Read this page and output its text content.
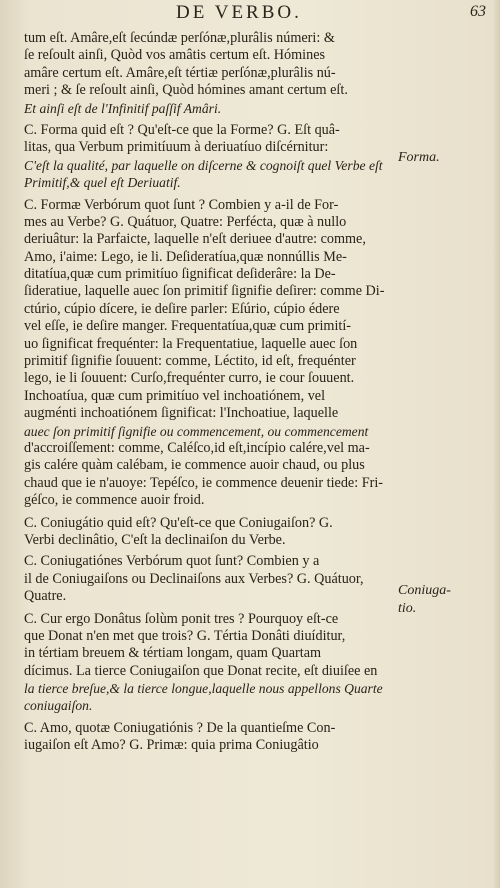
DE VERBO.	63
tum eſt. Amâre,eſt ſecúndæ perſónæ,plurâlis númeri: &
ſe reſoult ainſi, Quòd vos amâtis certum eſt. Hómines
amâre certum eſt. Amâre,eſt tértiæ perſónæ,plurâlis nú-
meri ; & ſe reſoult ainſi, Quòd hómines amant certum eſt.
Et ainſi eſt de l'Infinitif paſſif Amâri.
C. Forma quid eſt ? Qu'eſt-ce que la Forme? G. Eſt quâ-
litas, qua Verbum primitíuum à deriuatíuo diſcérnitur:
C'eſt la qualité, par laquelle on diſcerne & cognoiſt quel Verbe eſt
Primitif,& quel eſt Deriuatif.
C. Formæ Verbórum quot ſunt ? Combien y a-il de For-
mes au Verbe? G. Quátuor, Quatre: Perfécta, quæ à nullo
deriuâtur: la Parfaicte, laquelle n'eſt deriuee d'autre: comme,
Amo, i'aime: Lego, ie li. Deſideratíua,quæ nonnúllis Me-
ditatíua,quæ cum primitíuo ſignificat deſiderâre: la De-
ſideratiue, laquelle auec ſon primitif ſignifie deſirer: comme Di-
ctúrio, cúpio dícere, ie deſire parler: Eſúrio, cúpio édere
vel eſſe, ie deſire manger. Frequentatíua,quæ cum primití-
uo ſignificat frequénter: la Frequentatiue, laquelle auec ſon
primitif ſignifie ſouuent: comme, Léctito, id eſt, frequénter
lego, ie li ſouuent: Curſo,frequénter curro, ie cour ſouuent.
Inchoatíua, quæ cum primitíuo vel inchoatiónem, vel
augménti inchoatiónem ſignificat: l'Inchoatiue, laquelle
auec ſon primitif ſignifie ou commencement, ou commencement
d'accroiſſement: comme, Caléſco,id eſt,incípio calére,vel ma-
gis calére quàm calébam, ie commence auoir chaud, ou plus
chaud que ie n'auoye: Tepéſco, ie commence deuenir tiede: Fri-
géſco, ie commence auoir froid.
C. Coniugátio quid eſt? Qu'eſt-ce que Coniugaiſon? G.
Verbi declinâtio, C'eſt la declinaiſon du Verbe.
C. Coniugatiónes Verbórum quot ſunt? Combien y a
il de Coniugaiſons ou Declinaiſons aux Verbes? G. Quátuor,
Quatre.
C. Cur ergo Donâtus ſolùm ponit tres ? Pourquoy eſt-ce
que Donat n'en met que trois? G. Tértia Donâti diuíditur,
in tértiam breuem & tértiam longam, quam Quartam
dícimus. La tierce Coniugaiſon que Donat recite, eſt diuiſee en
la tierce breſue,& la tierce longue,laquelle nous appellons Quarte
coniugaiſon.
C. Amo, quotæ Coniugatiónis ? De la quantieſme Con-
iugaiſon eſt Amo? G. Primæ: quia prima Coniugâtio
Forma.
Coniuga-
tio.
